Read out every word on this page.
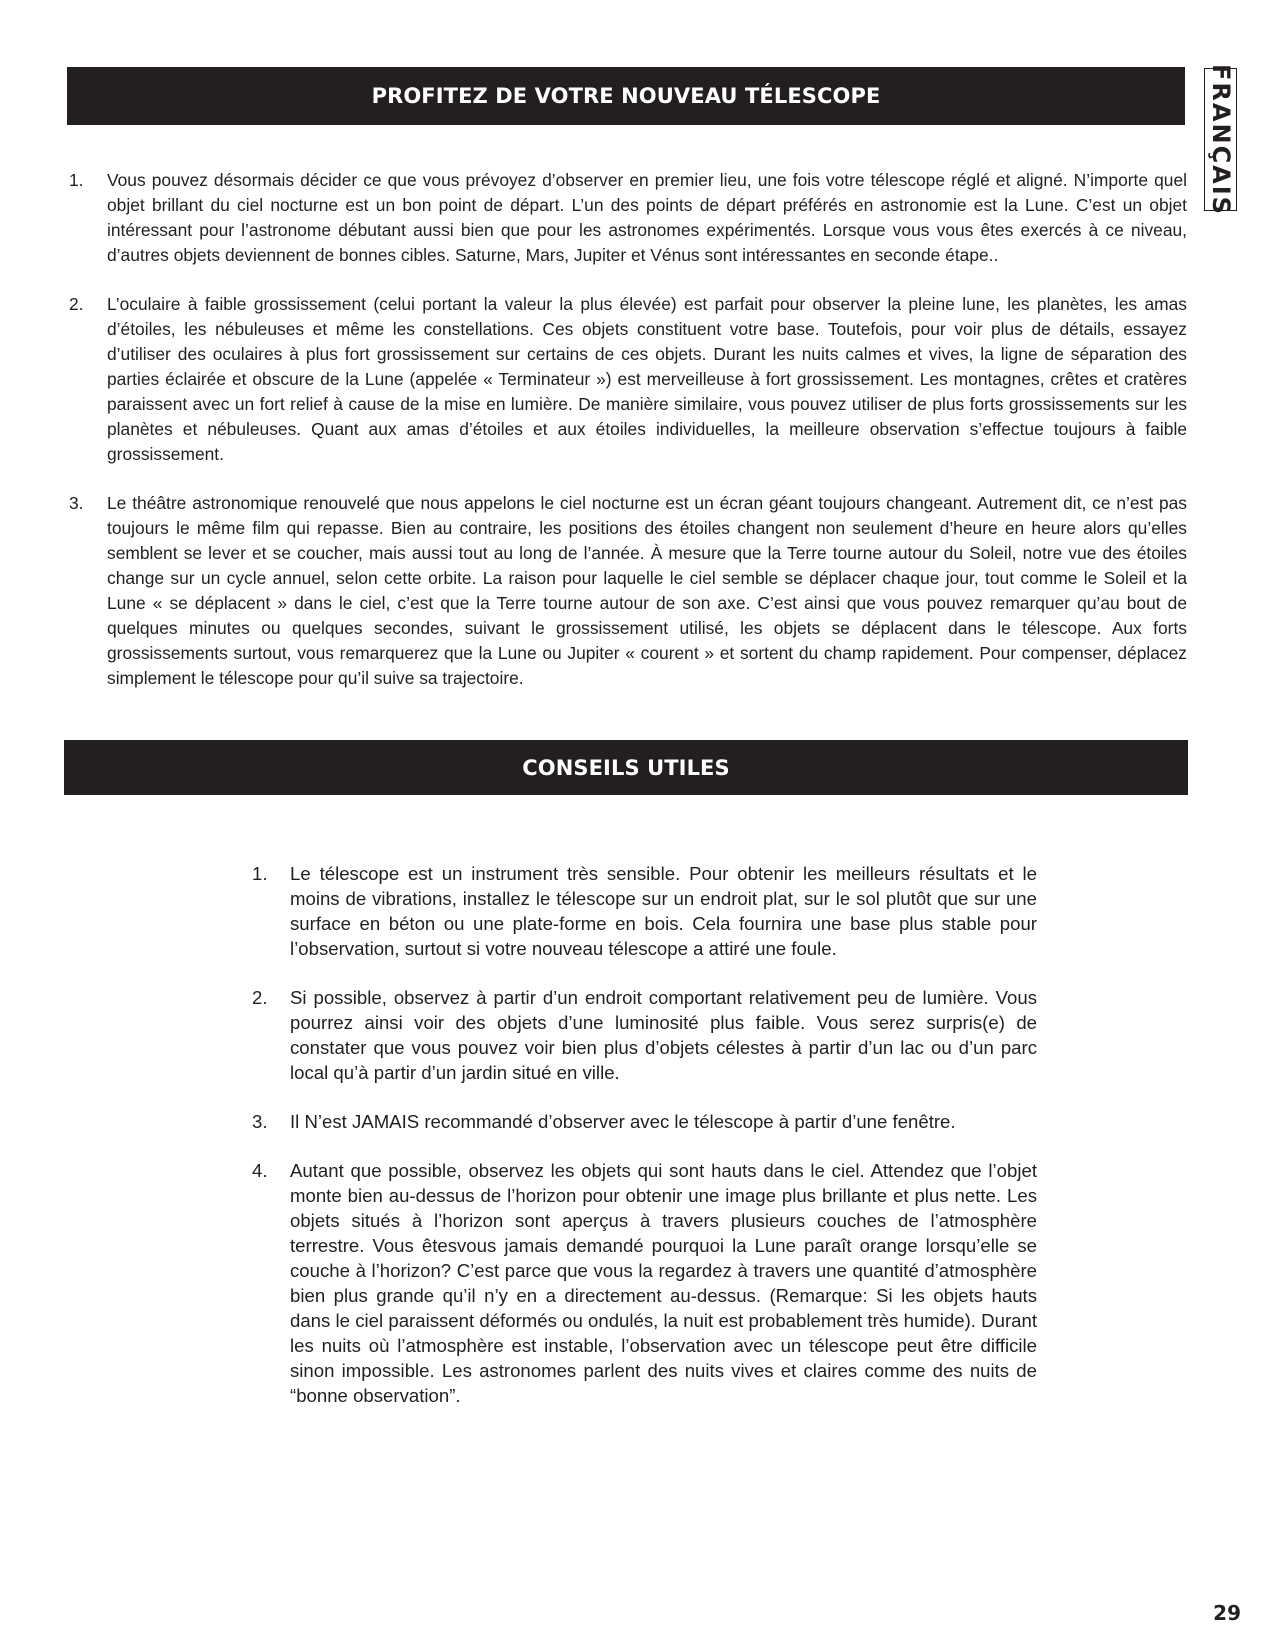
PROFITEZ DE VOTRE NOUVEAU TÉLESCOPE	FRANÇAIS
1. Vous pouvez désormais décider ce que vous prévoyez d’observer en premier lieu, une fois votre télescope réglé et aligné. N’importe quel objet brillant du ciel nocturne est un bon point de départ. L’un des points de départ préférés en astronomie est la Lune. C’est un objet intéressant pour l’astronome débutant aussi bien que pour les astronomes expérimentés. Lorsque vous vous êtes exercés à ce niveau, d’autres objets deviennent de bonnes cibles. Saturne, Mars, Jupiter et Vénus sont intéressantes en seconde étape..
2. L’oculaire à faible grossissement (celui portant la valeur la plus élevée) est parfait pour observer la pleine lune, les planètes, les amas d’étoiles, les nébuleuses et même les constellations. Ces objets constituent votre base. Toutefois, pour voir plus de détails, essayez d’utiliser des oculaires à plus fort grossissement sur certains de ces objets. Durant les nuits calmes et vives, la ligne de séparation des parties éclairée et obscure de la Lune (appelée « Terminateur ») est merveilleuse à fort grossissement. Les montagnes, crêtes et cratères paraissent avec un fort relief à cause de la mise en lumière. De manière similaire, vous pouvez utiliser de plus forts grossissements sur les planètes et nébuleuses. Quant aux amas d’étoiles et aux étoiles individuelles, la meilleure observation s’effectue toujours à faible grossissement.
3. Le théâtre astronomique renouvelé que nous appelons le ciel nocturne est un écran géant toujours changeant. Autrement dit, ce n’est pas toujours le même film qui repasse. Bien au contraire, les positions des étoiles changent non seulement d’heure en heure alors qu’elles semblent se lever et se coucher, mais aussi tout au long de l’année. À mesure que la Terre tourne autour du Soleil, notre vue des étoiles change sur un cycle annuel, selon cette orbite. La raison pour laquelle le ciel semble se déplacer chaque jour, tout comme le Soleil et la Lune « se déplacent » dans le ciel, c’est que la Terre tourne autour de son axe. C’est ainsi que vous pouvez remarquer qu’au bout de quelques minutes ou quelques secondes, suivant le grossissement utilisé, les objets se déplacent dans le télescope. Aux forts grossissements surtout, vous remarquerez que la Lune ou Jupiter « courent » et sortent du champ rapidement. Pour compenser, déplacez simplement le télescope pour qu’il suive sa trajectoire.
CONSEILS UTILES
1. Le télescope est un instrument très sensible. Pour obtenir les meilleurs résultats et le moins de vibrations, installez le télescope sur un endroit plat, sur le sol plutôt que sur une surface en béton ou une plate-forme en bois. Cela fournira une base plus stable pour l’observation, surtout si votre nouveau télescope a attiré une foule.
2. Si possible, observez à partir d’un endroit comportant relativement peu de lumière. Vous pourrez ainsi voir des objets d’une luminosité plus faible. Vous serez surpris(e) de constater que vous pouvez voir bien plus d’objets célestes à partir d’un lac ou d’un parc local qu’à partir d’un jardin situé en ville.
3. Il N’est JAMAIS recommandé d’observer avec le télescope à partir d’une fenêtre.
4. Autant que possible, observez les objets qui sont hauts dans le ciel. Attendez que l’objet monte bien au-dessus de l’horizon pour obtenir une image plus brillante et plus nette. Les objets situés à l’horizon sont aperçus à travers plusieurs couches de l’atmosphère terrestre. Vous êtesvous jamais demandé pourquoi la Lune paraît orange lorsqu’elle se couche à l’horizon? C’est parce que vous la regardez à travers une quantité d’atmosphère bien plus grande qu’il n’y en a directement au-dessus. (Remarque: Si les objets hauts dans le ciel paraissent déformés ou ondulés, la nuit est probablement très humide). Durant les nuits où l’atmosphère est instable, l’observation avec un télescope peut être difficile sinon impossible. Les astronomes parlent des nuits vives et claires comme des nuits de “bonne observation”.
29
